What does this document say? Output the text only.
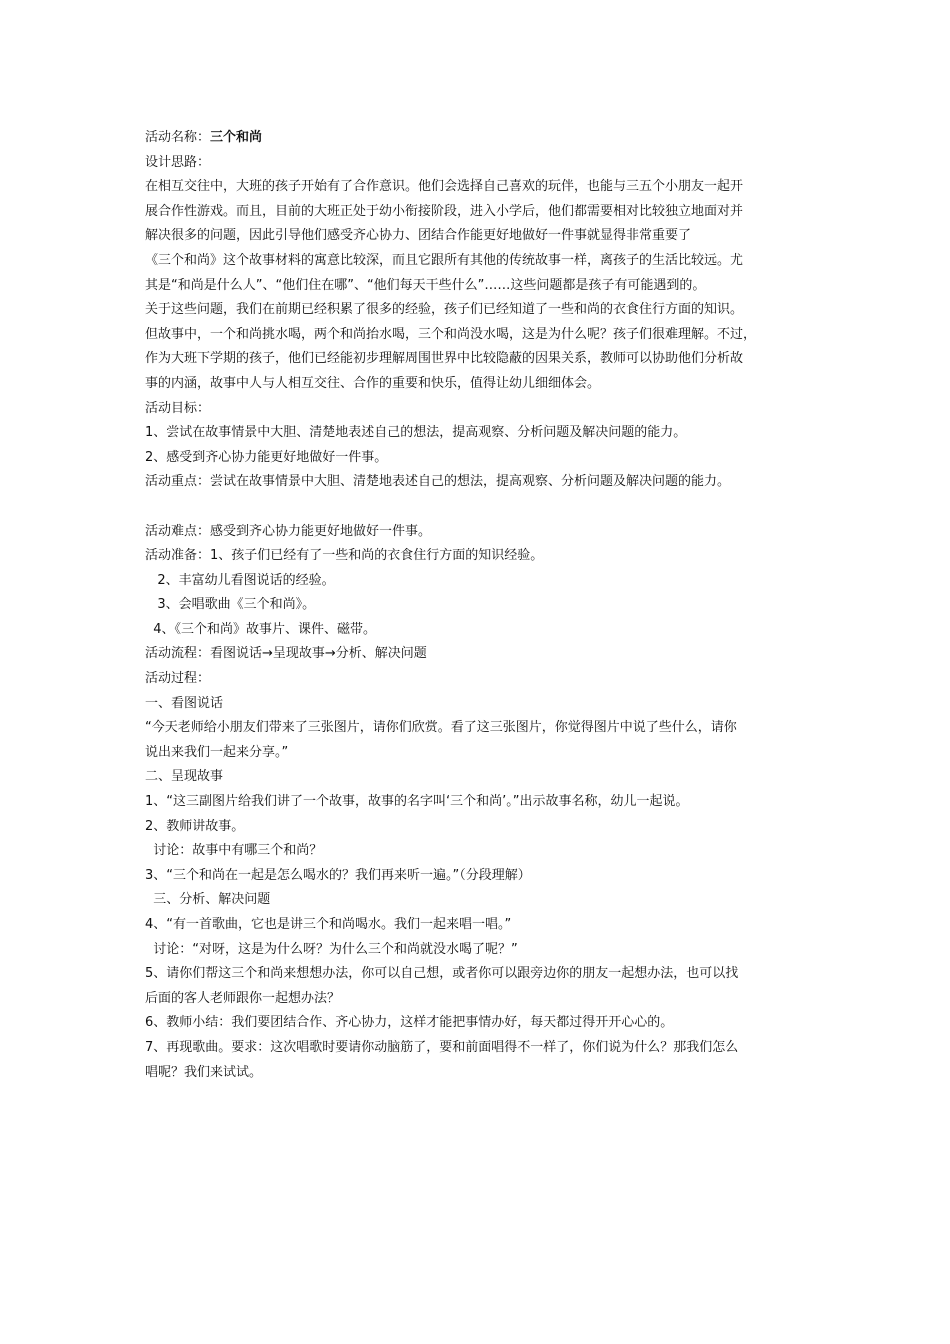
活动名称：三个和尚
设计思路：
在相互交往中，大班的孩子开始有了合作意识。他们会选择自己喜欢的玩伴，也能与三五个小朋友一起开
展合作性游戏。而且，目前的大班正处于幼小衔接阶段，进入小学后，他们都需要相对比较独立地面对并
解决很多的问题，因此引导他们感受齐心协力、团结合作能更好地做好一件事就显得非常重要了
《三个和尚》这个故事材料的寓意比较深，而且它跟所有其他的传统故事一样，离孩子的生活比较远。尤
其是“和尚是什么人”、“他们住在哪”、“他们每天干些什么”……这些问题都是孩子有可能遇到的。
关于这些问题，我们在前期已经积累了很多的经验，孩子们已经知道了一些和尚的衣食住行方面的知识。
但故事中，一个和尚挑水喝，两个和尚抬水喝，三个和尚没水喝，这是为什么呢？孩子们很难理解。不过，
作为大班下学期的孩子，他们已经能初步理解周围世界中比较隐蔽的因果关系，教师可以协助他们分析故
事的内涵，故事中人与人相互交往、合作的重要和快乐，值得让幼儿细细体会。
活动目标：
1、尝试在故事情景中大胆、清楚地表述自己的想法，提高观察、分析问题及解决问题的能力。
2、感受到齐心协力能更好地做好一件事。
活动重点：尝试在故事情景中大胆、清楚地表述自己的想法，提高观察、分析问题及解决问题的能力。
活动难点：感受到齐心协力能更好地做好一件事。
活动准备：1、孩子们已经有了一些和尚的衣食住行方面的知识经验。
2、丰富幼儿看图说话的经验。
3、会唱歌曲《三个和尚》。
4、《三个和尚》故事片、课件、磁带。
活动流程：看图说话→呈现故事→分析、解决问题
活动过程：
一、看图说话
“今天老师给小朋友们带来了三张图片，请你们欣赏。看了这三张图片，你觉得图片中说了些什么，请你
说出来我们一起来分享。”
二、呈现故事
1、“这三副图片给我们讲了一个故事，故事的名字叫‘三个和尚’。”出示故事名称，幼儿一起说。
2、教师讲故事。
讨论：故事中有哪三个和尚？
3、“三个和尚在一起是怎么喝水的？我们再来听一遍。”（分段理解）
三、分析、解决问题
4、“有一首歌曲，它也是讲三个和尚喝水。我们一起来唱一唱。”
讨论：“对呀，这是为什么呀？为什么三个和尚就没水喝了呢？”
5、请你们帮这三个和尚来想想办法，你可以自己想，或者你可以跟旁边你的朋友一起想办法，也可以找
后面的客人老师跟你一起想办法？
6、教师小结：我们要团结合作、齐心协力，这样才能把事情办好，每天都过得开开心心的。
7、再现歌曲。要求：这次唱歌时要请你动脑筋了，要和前面唱得不一样了，你们说为什么？那我们怎么
唱呢？我们来试试。
